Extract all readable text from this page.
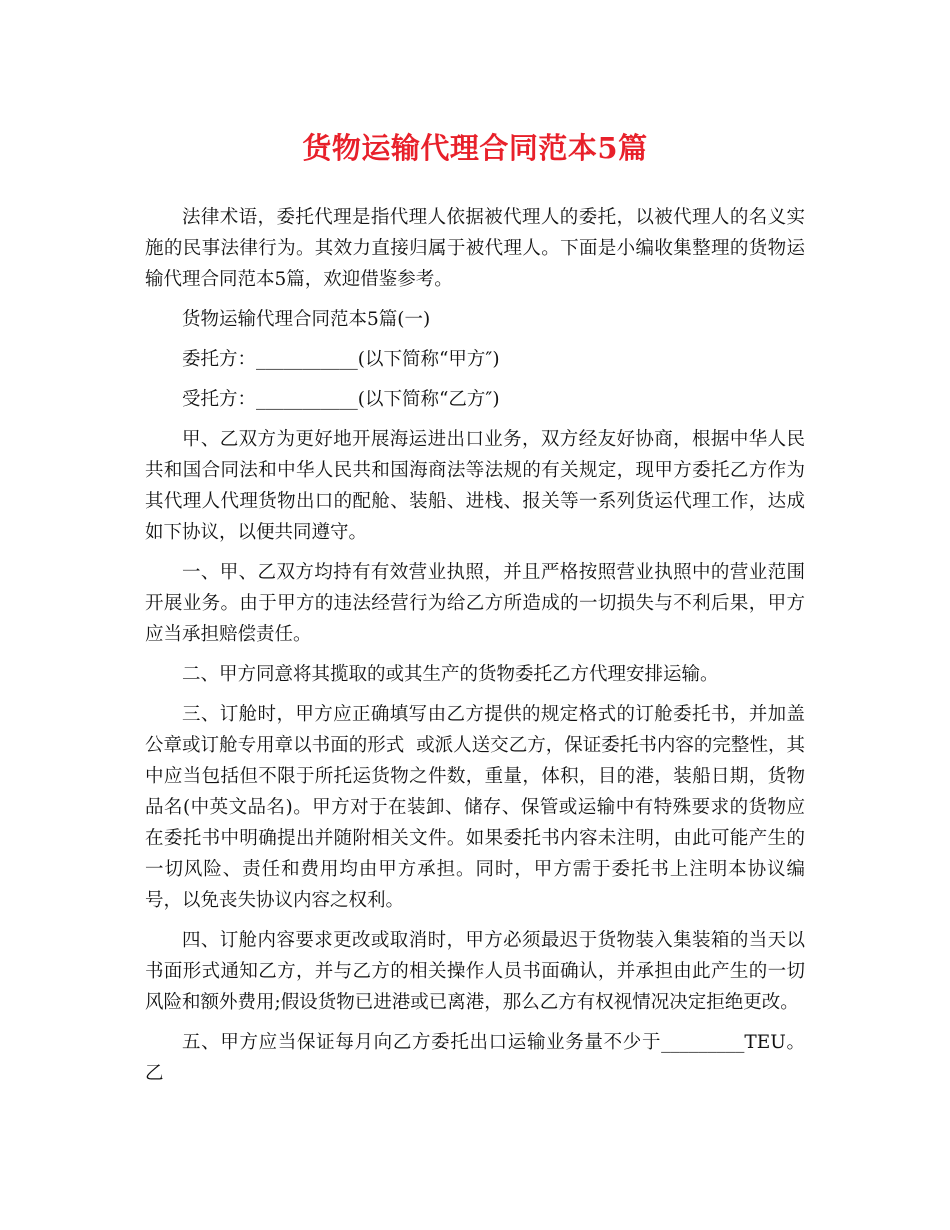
货物运输代理合同范本5篇

法律术语，委托代理是指代理人依据被代理人的委托，以被代理人的名义实施的民事法律行为。其效力直接归属于被代理人。下面是小编收集整理的货物运输代理合同范本5篇，欢迎借鉴参考。

货物运输代理合同范本5篇(一)

委托方：___________(以下简称“甲方″)

受托方：___________(以下简称“乙方″)

甲、乙双方为更好地开展海运进出口业务，双方经友好协商，根据中华人民共和国合同法和中华人民共和国海商法等法规的有关规定，现甲方委托乙方作为其代理人代理货物出口的配舱、装船、进栈、报关等一系列货运代理工作，达成如下协议，以便共同遵守。

一、甲、乙双方均持有有效营业执照，并且严格按照营业执照中的营业范围开展业务。由于甲方的违法经营行为给乙方所造成的一切损失与不利后果，甲方应当承担赔偿责任。

二、甲方同意将其揽取的或其生产的货物委托乙方代理安排运输。

三、订舱时，甲方应正确填写由乙方提供的规定格式的订舱委托书，并加盖公章或订舱专用章以书面的形式  或派人送交乙方，保证委托书内容的完整性，其中应当包括但不限于所托运货物之件数，重量，体积，目的港，装船日期，货物品名(中英文品名)。甲方对于在装卸、储存、保管或运输中有特殊要求的货物应在委托书中明确提出并随附相关文件。如果委托书内容未注明，由此可能产生的一切风险、责任和费用均由甲方承担。同时，甲方需于委托书上注明本协议编号，以免丧失协议内容之权利。

四、订舱内容要求更改或取消时，甲方必须最迟于货物装入集装箱的当天以书面形式通知乙方，并与乙方的相关操作人员书面确认，并承担由此产生的一切风险和额外费用;假设货物已进港或已离港，那么乙方有权视情况决定拒绝更改。

五、甲方应当保证每月向乙方委托出口运输业务量不少于_________TEU。乙
